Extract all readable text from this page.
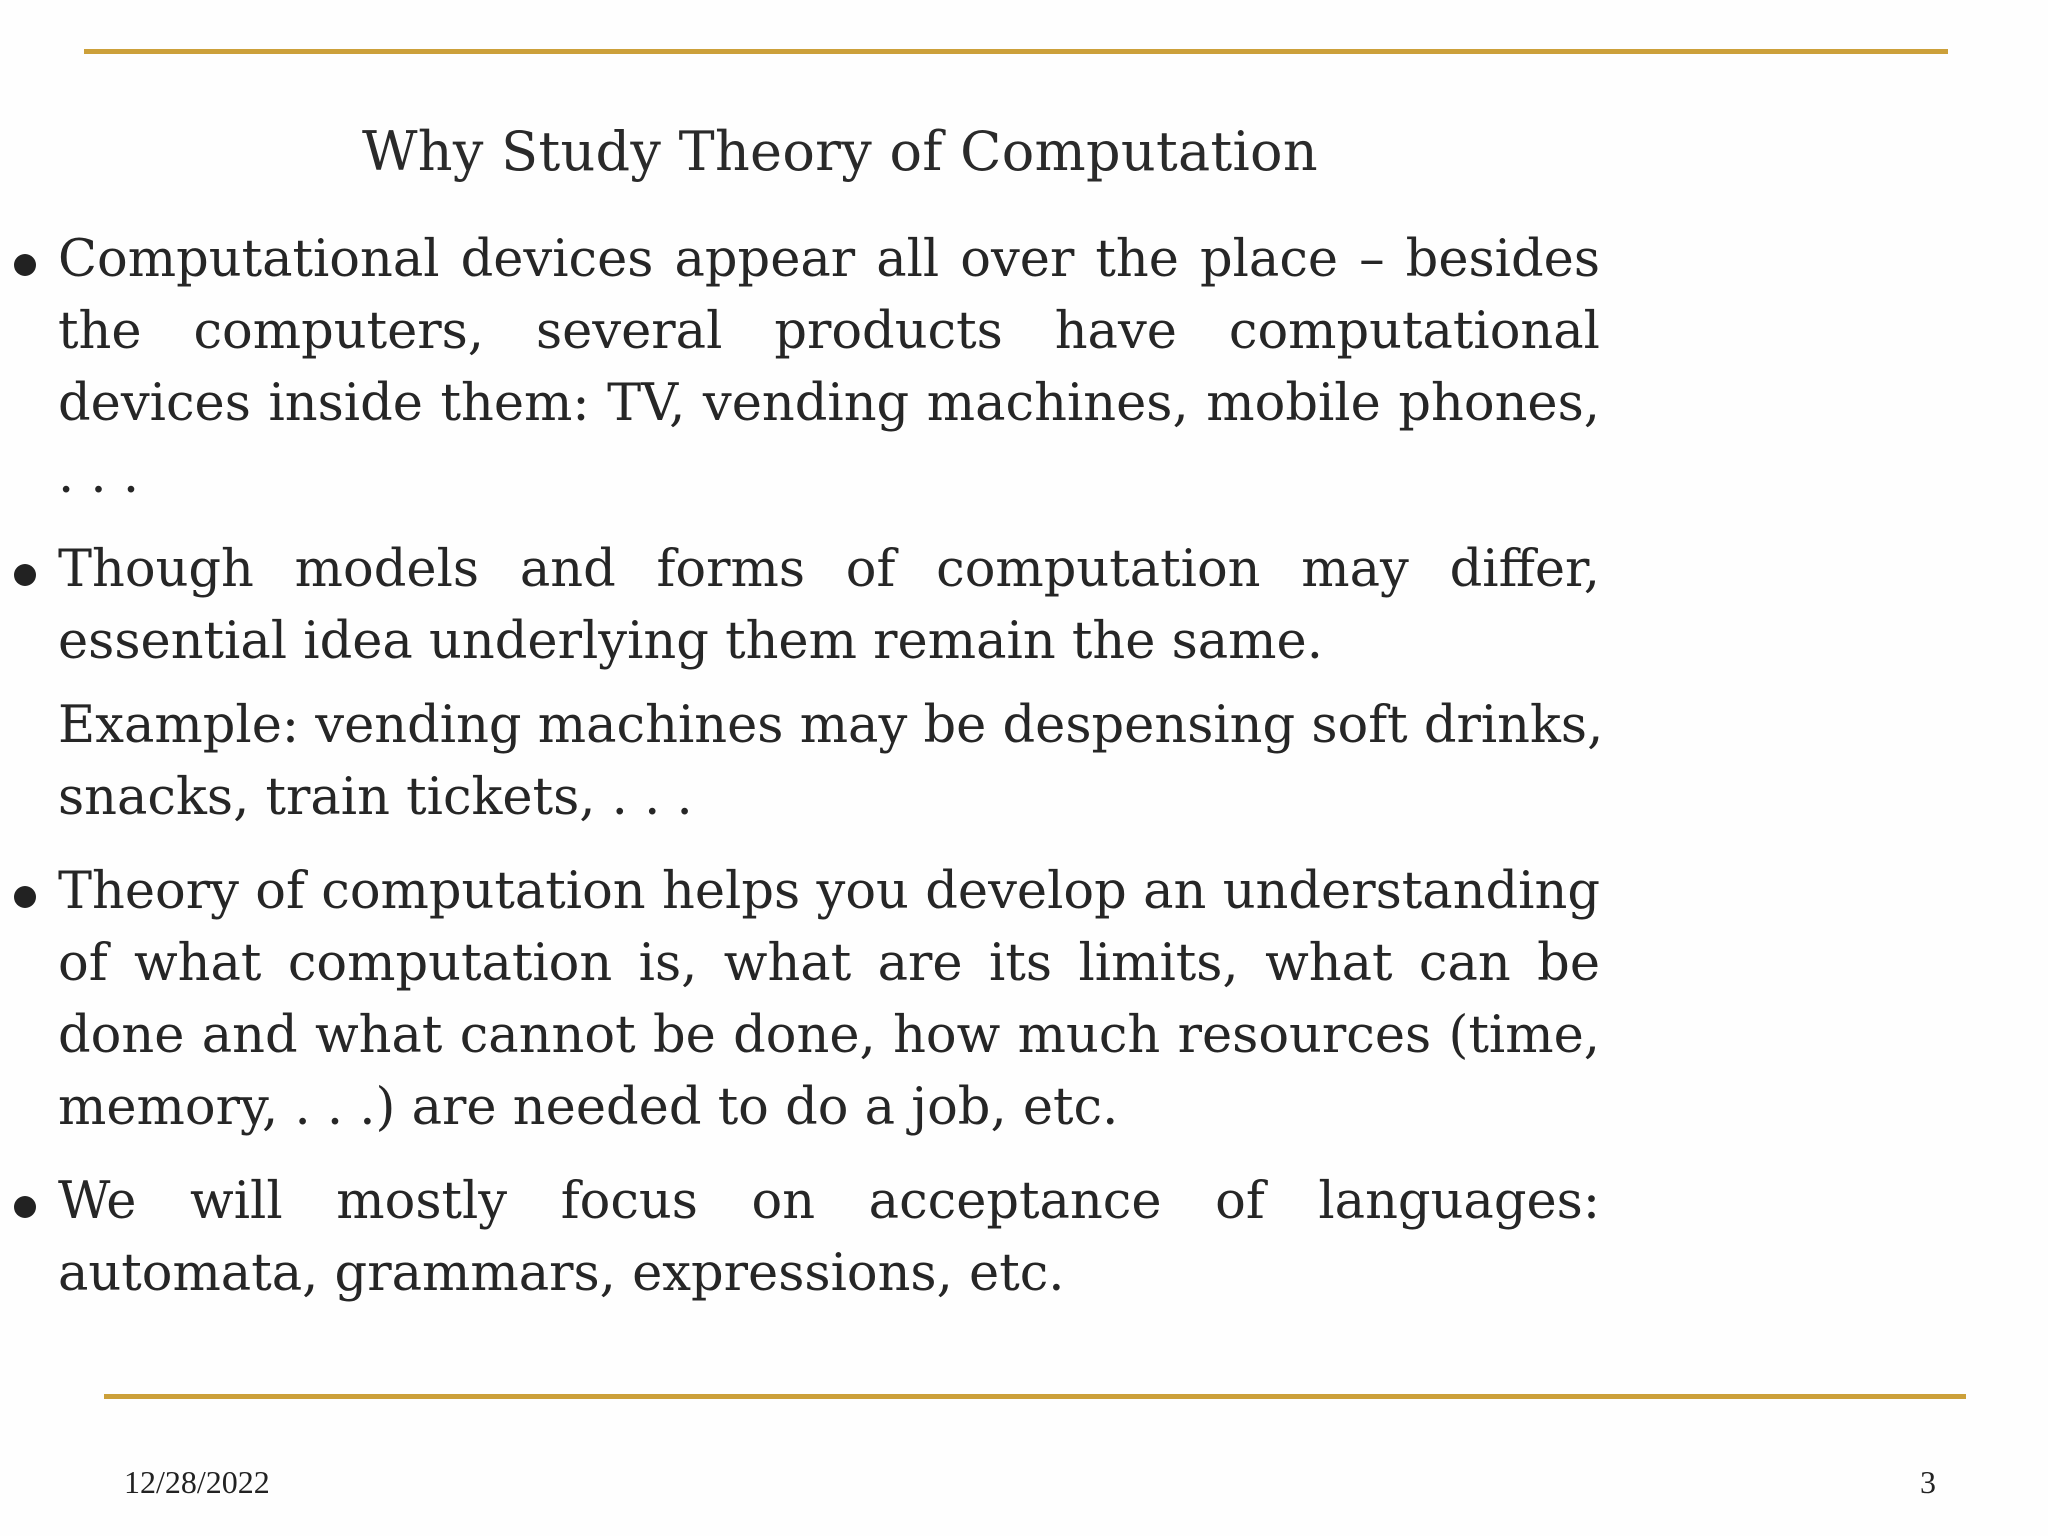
Why Study Theory of Computation
Computational devices appear all over the place – besides the computers, several products have computational devices inside them: TV, vending machines, mobile phones, . . .
Though models and forms of computation may differ, essential idea underlying them remain the same.
Example: vending machines may be despensing soft drinks, snacks, train tickets, . . .
Theory of computation helps you develop an understanding of what computation is, what are its limits, what can be done and what cannot be done, how much resources (time, memory, . . .) are needed to do a job, etc.
We will mostly focus on acceptance of languages: automata, grammars, expressions, etc.
12/28/2022	3
